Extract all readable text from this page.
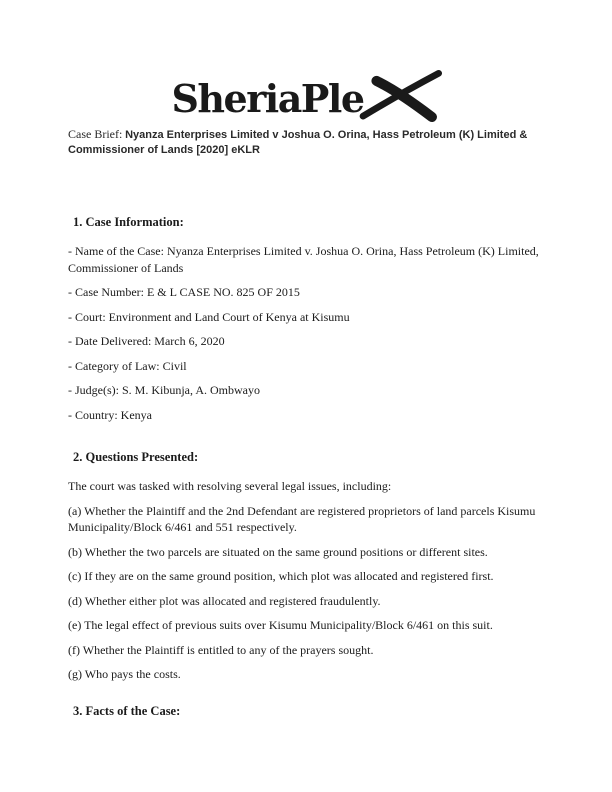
SheriaPle

Case Brief: Nyanza Enterprises Limited v Joshua O. Orina, Hass Petroleum (K) Limited & Commissioner of Lands [2020] eKLR

1. Case Information:

- Name of the Case: Nyanza Enterprises Limited v. Joshua O. Orina, Hass Petroleum (K) Limited, Commissioner of Lands

- Case Number: E & L CASE NO. 825 OF 2015

- Court: Environment and Land Court of Kenya at Kisumu

- Date Delivered: March 6, 2020

- Category of Law: Civil

- Judge(s): S. M. Kibunja, A. Ombwayo

- Country: Kenya

2. Questions Presented:

The court was tasked with resolving several legal issues, including:

(a) Whether the Plaintiff and the 2nd Defendant are registered proprietors of land parcels Kisumu Municipality/Block 6/461 and 551 respectively.

(b) Whether the two parcels are situated on the same ground positions or different sites.

(c) If they are on the same ground position, which plot was allocated and registered first.

(d) Whether either plot was allocated and registered fraudulently.

(e) The legal effect of previous suits over Kisumu Municipality/Block 6/461 on this suit.

(f) Whether the Plaintiff is entitled to any of the prayers sought.

(g) Who pays the costs.

3. Facts of the Case:
